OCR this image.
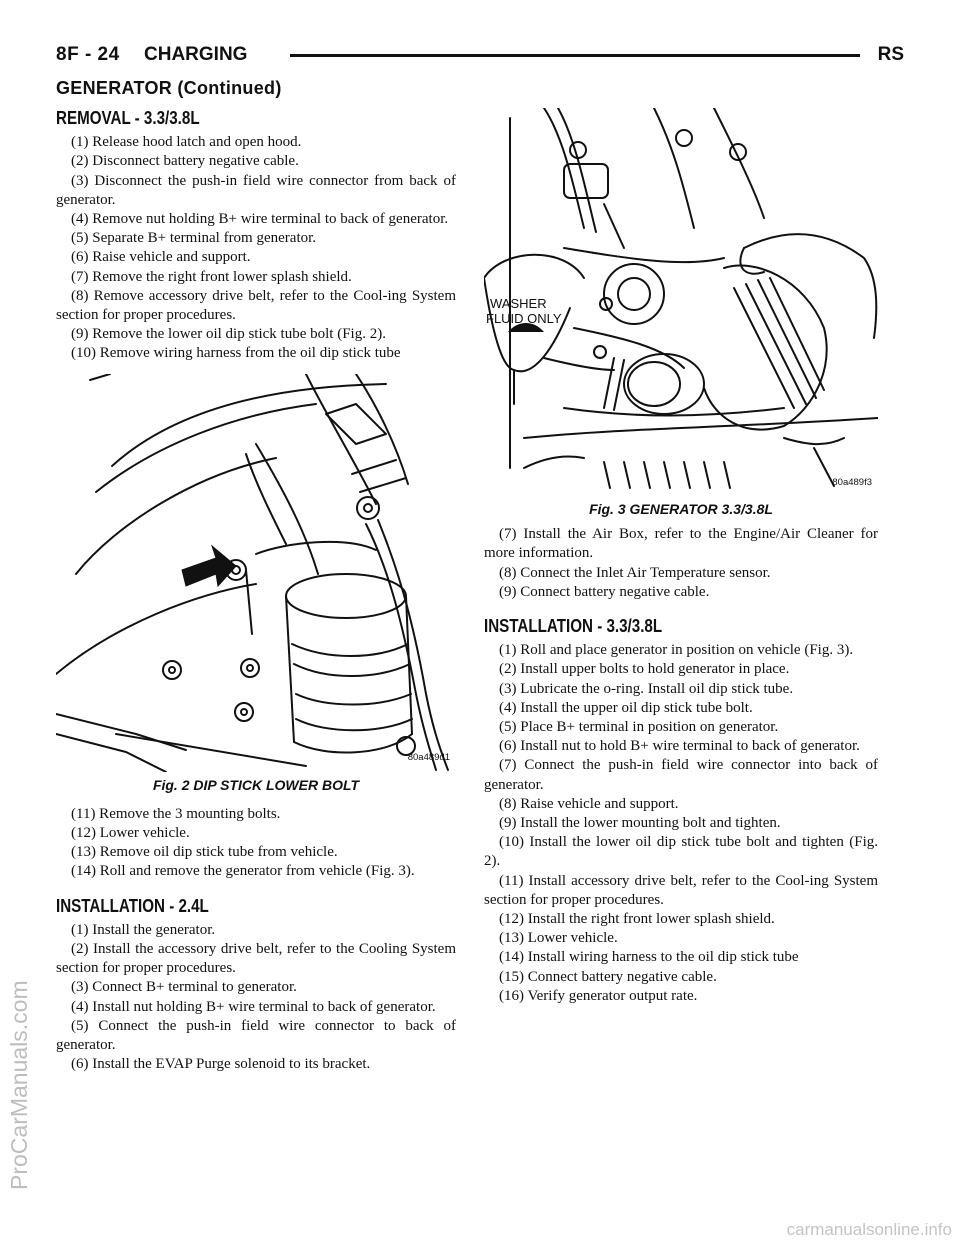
8F - 24 CHARGING	RS
GENERATOR (Continued)
REMOVAL - 3.3/3.8L

(1) Release hood latch and open hood.

(2) Disconnect battery negative cable.

(3) Disconnect the push-in field wire connector from back of generator.

(4) Remove nut holding B+ wire terminal to back of generator.

(5) Separate B+ terminal from generator.

(6) Raise vehicle and support.

(7) Remove the right front lower splash shield.

(8) Remove accessory drive belt, refer to the Cool-ing System section for proper procedures.

(9) Remove the lower oil dip stick tube bolt (Fig. 2).

(10) Remove wiring harness from the oil dip stick tube

80a489d1
Fig. 2 DIP STICK LOWER BOLT

(11) Remove the 3 mounting bolts.

(12) Lower vehicle.

(13) Remove oil dip stick tube from vehicle.

(14) Roll and remove the generator from vehicle (Fig. 3).

INSTALLATION - 2.4L

(1) Install the generator.

(2) Install the accessory drive belt, refer to the Cooling System section for proper procedures.

(3) Connect B+ terminal to generator.

(4) Install nut holding B+ wire terminal to back of generator.

(5) Connect the push-in field wire connector to back of generator.

(6) Install the EVAP Purge solenoid to its bracket.

WASHER
FLUID ONLY
80a489f3
Fig. 3 GENERATOR 3.3/3.8L

(7) Install the Air Box, refer to the Engine/Air Cleaner for more information.

(8) Connect the Inlet Air Temperature sensor.

(9) Connect battery negative cable.

INSTALLATION - 3.3/3.8L

(1) Roll and place generator in position on vehicle (Fig. 3).

(2) Install upper bolts to hold generator in place.

(3) Lubricate the o-ring. Install oil dip stick tube.

(4) Install the upper oil dip stick tube bolt.

(5) Place B+ terminal in position on generator.

(6) Install nut to hold B+ wire terminal to back of generator.

(7) Connect the push-in field wire connector into back of generator.

(8) Raise vehicle and support.

(9) Install the lower mounting bolt and tighten.

(10) Install the lower oil dip stick tube bolt and tighten (Fig. 2).

(11) Install accessory drive belt, refer to the Cool-ing System section for proper procedures.

(12) Install the right front lower splash shield.

(13) Lower vehicle.

(14) Install wiring harness to the oil dip stick tube

(15) Connect battery negative cable.

(16) Verify generator output rate.

ProCarManuals.com
carmanualsonline.info
